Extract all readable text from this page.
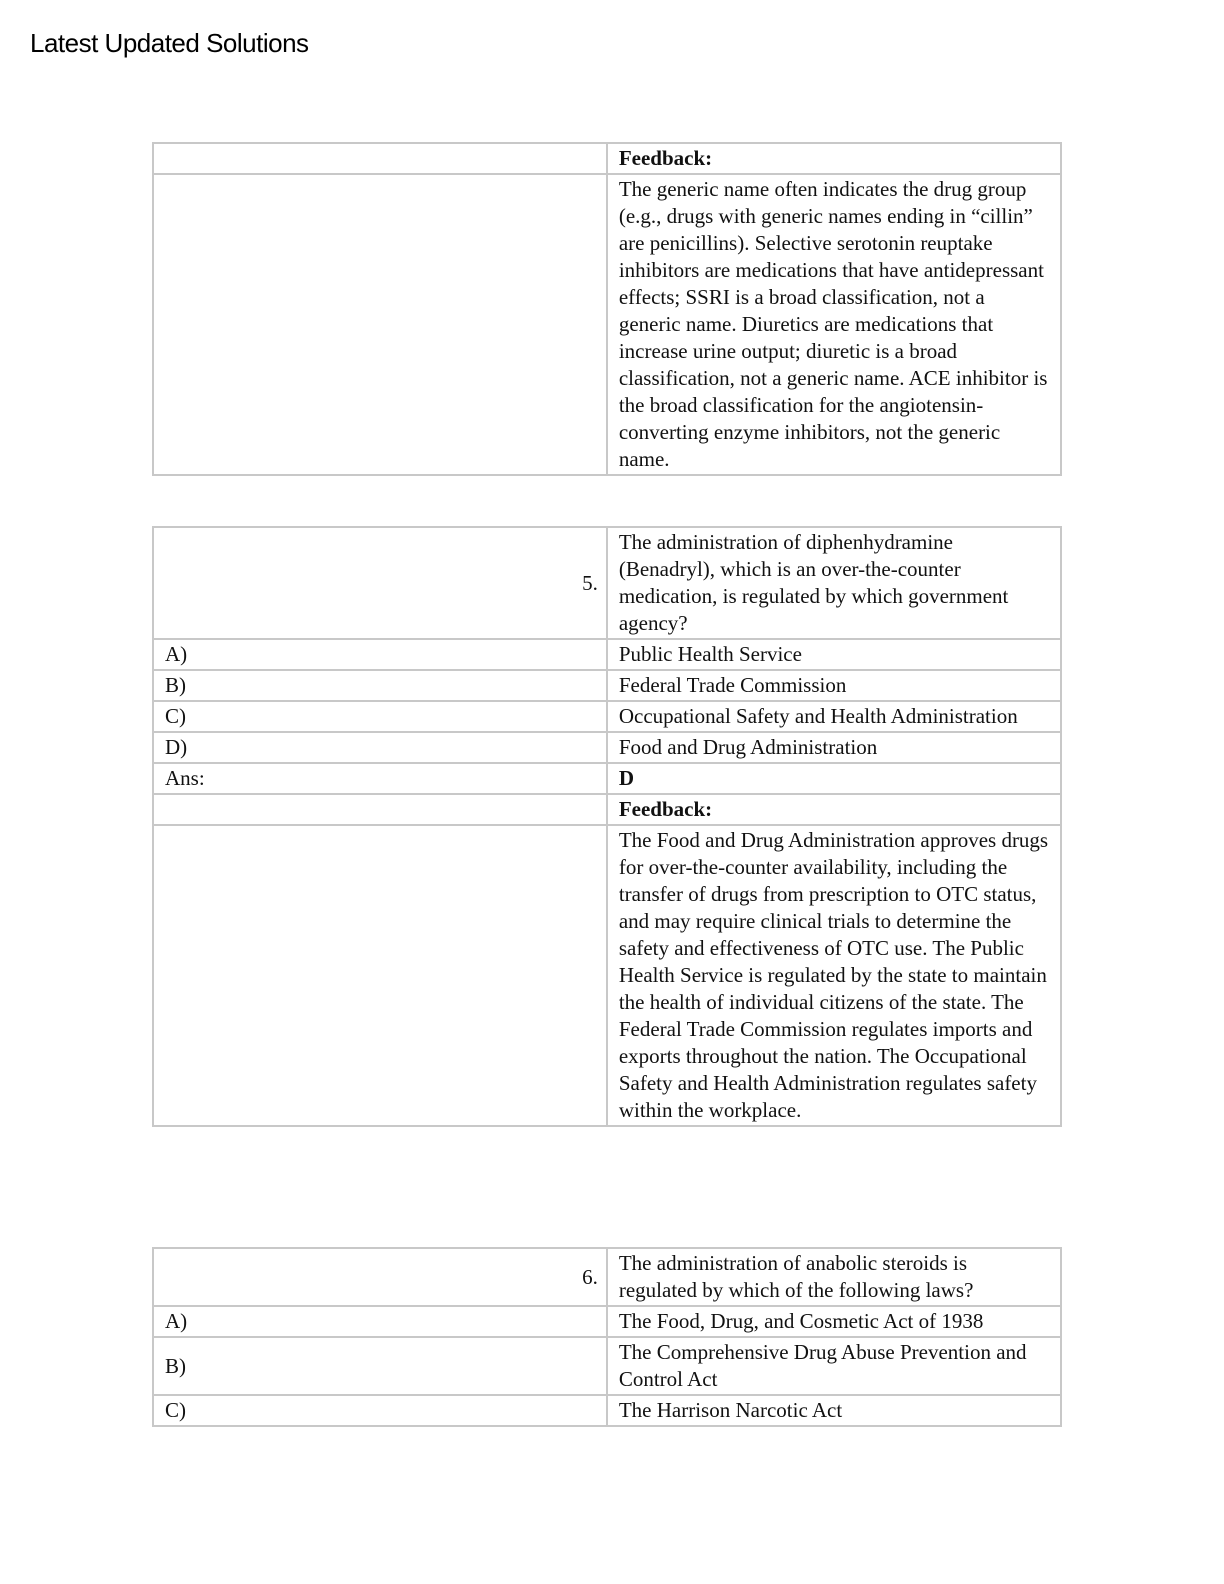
Latest Updated Solutions
	Feedback:
	The generic name often indicates the drug group (e.g., drugs with generic names ending in “cillin” are penicillins). Selective serotonin reuptake inhibitors are medications that have antidepressant effects; SSRI is a broad classification, not a generic name. Diuretics are medications that increase urine output; diuretic is a broad classification, not a generic name. ACE inhibitor is the broad classification for the angiotensin-converting enzyme inhibitors, not the generic name.
5.	The administration of diphenhydramine (Benadryl), which is an over-the-counter medication, is regulated by which government agency?
A)	Public Health Service
B)	Federal Trade Commission
C)	Occupational Safety and Health Administration
D)	Food and Drug Administration
Ans:	D
	Feedback:
	The Food and Drug Administration approves drugs for over-the-counter availability, including the transfer of drugs from prescription to OTC status, and may require clinical trials to determine the safety and effectiveness of OTC use. The Public Health Service is regulated by the state to maintain the health of individual citizens of the state. The Federal Trade Commission regulates imports and exports throughout the nation. The Occupational Safety and Health Administration regulates safety within the workplace.
6.	The administration of anabolic steroids is regulated by which of the following laws?
A)	The Food, Drug, and Cosmetic Act of 1938
B)	The Comprehensive Drug Abuse Prevention and Control Act
C)	The Harrison Narcotic Act
